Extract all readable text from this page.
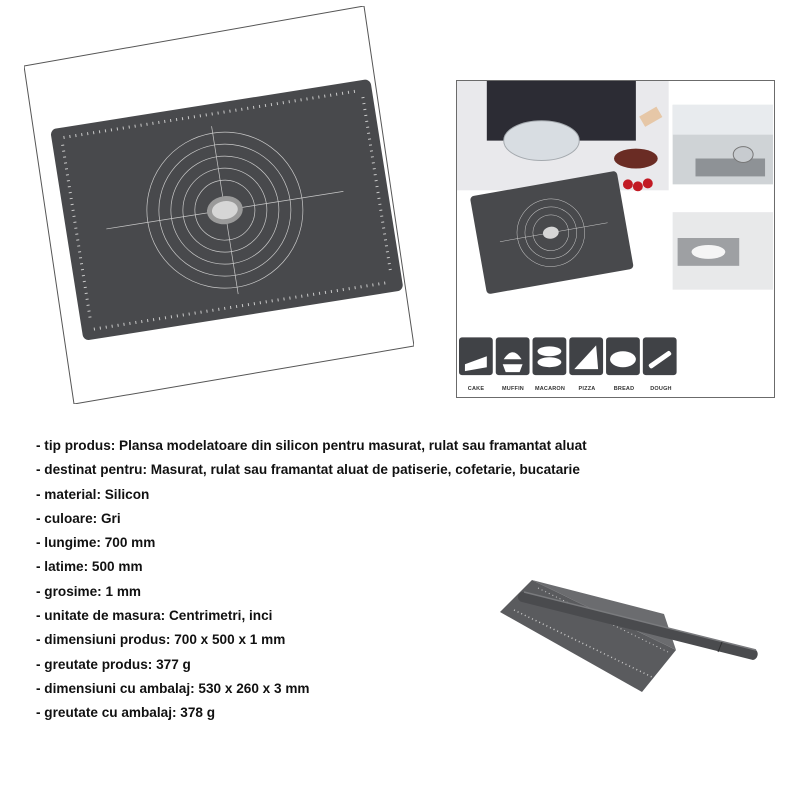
CAKE	MUFFIN	MACARON	PIZZA	BREAD	DOUGH
- tip produs: Plansa modelatoare din silicon pentru masurat, rulat sau framantat aluat
- destinat pentru: Masurat, rulat sau framantat aluat de patiserie, cofetarie, bucatarie
- material: Silicon
- culoare: Gri
- lungime: 700 mm
- latime: 500 mm
- grosime: 1 mm
- unitate de masura: Centrimetri, inci
- dimensiuni produs: 700 x 500 x 1 mm
- greutate produs: 377 g
- dimensiuni cu ambalaj: 530 x 260 x 3 mm
- greutate cu ambalaj: 378 g
